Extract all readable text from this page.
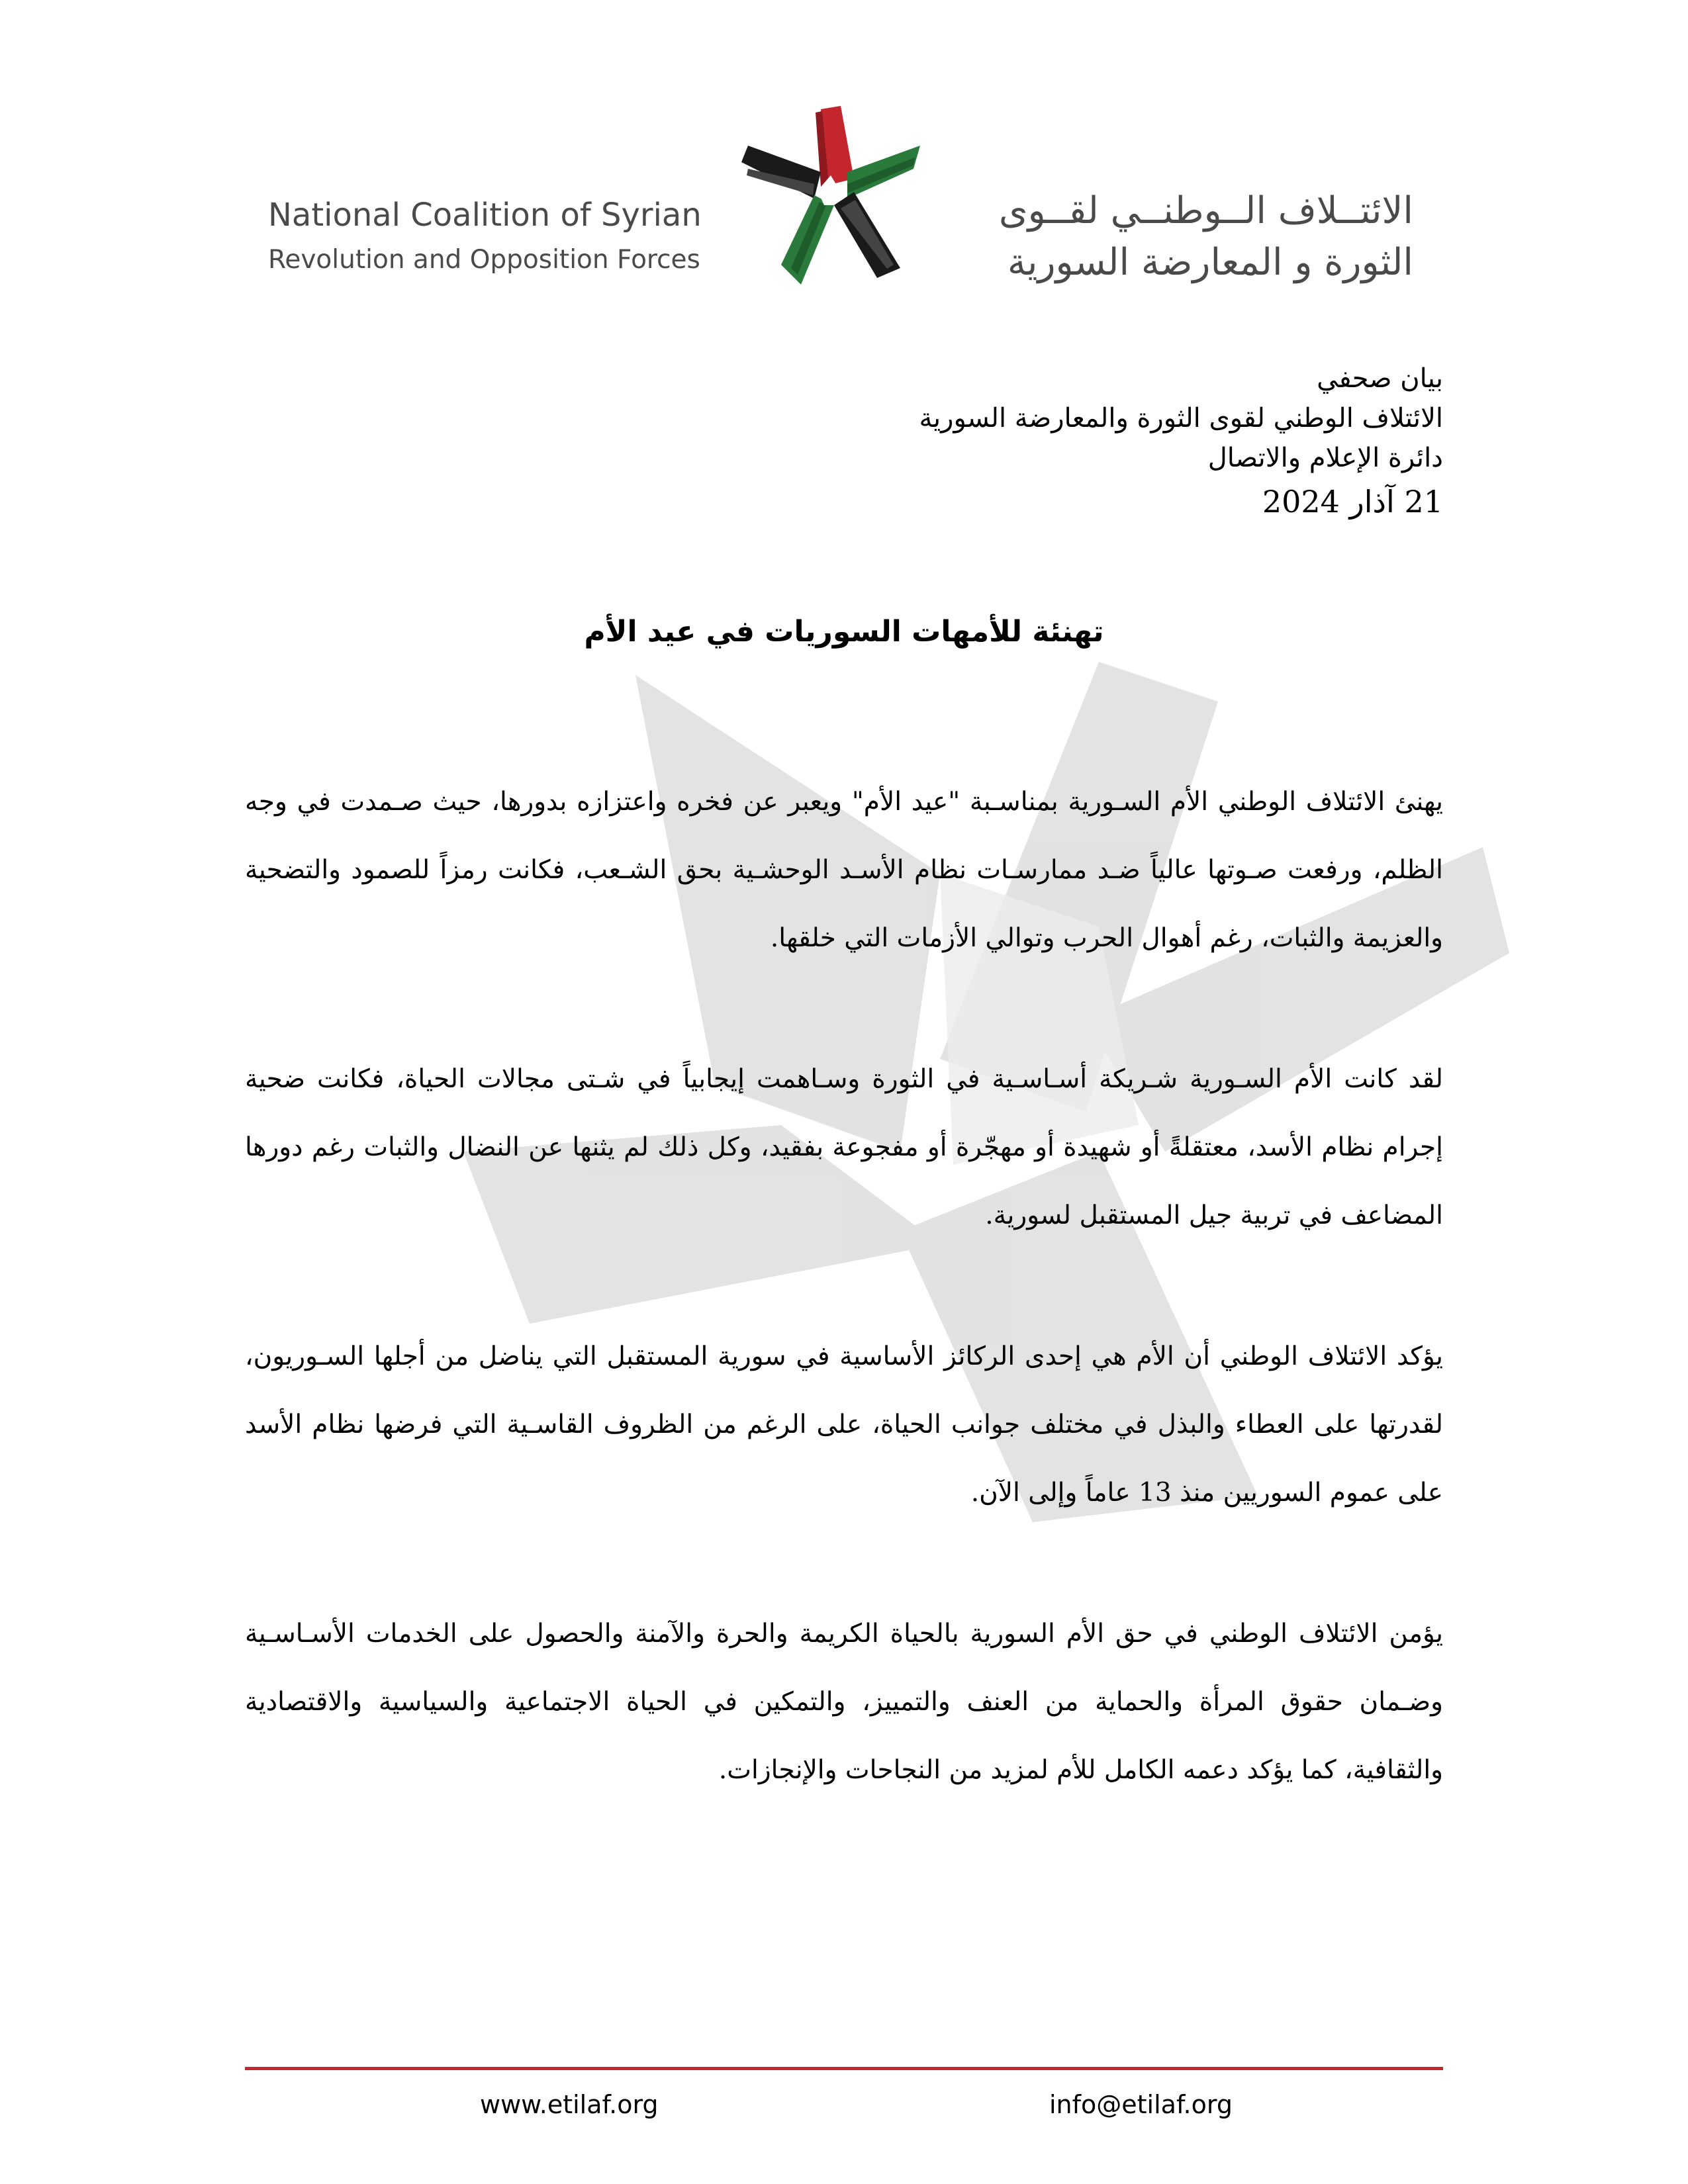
National Coalition of Syrian
Revolution and Opposition Forces
الائتــلاف الــوطنــي لقــوى
الثورة و المعارضة السورية
بيان صحفي
الائتلاف الوطني لقوى الثورة والمعارضة السورية
دائرة الإعلام والاتصال
21 آذار 2024
تهنئة للأمهات السوريات في عيد الأم

يهنئ الائتلاف الوطني الأم السـورية بمناسـبة "عيد الأم" ويعبر عن فخره واعتزازه بدورها، حيث صـمدت في وجه الظلم، ورفعت صـوتها عالياً ضـد ممارسـات نظام الأسـد الوحشـية بحق الشـعب، فكانت رمزاً للصمود والتضحية والعزيمة والثبات، رغم أهوال الحرب وتوالي الأزمات التي خلقها.

لقد كانت الأم السـورية شـريكة أسـاسـية في الثورة وسـاهمت إيجابياً في شـتى مجالات الحياة، فكانت ضحية إجرام نظام الأسد، معتقلةً أو شهيدة أو مهجّرة أو مفجوعة بفقيد، وكل ذلك لم يثنها عن النضال والثبات رغم دورها المضاعف في تربية جيل المستقبل لسورية.

يؤكد الائتلاف الوطني أن الأم هي إحدى الركائز الأساسية في سورية المستقبل التي يناضل من أجلها السـوريون، لقدرتها على العطاء والبذل في مختلف جوانب الحياة، على الرغم من الظروف القاسـية التي فرضها نظام الأسد على عموم السوريين منذ 13 عاماً وإلى الآن.

يؤمن الائتلاف الوطني في حق الأم السورية بالحياة الكريمة والحرة والآمنة والحصول على الخدمات الأسـاسـية وضـمان حقوق المرأة والحماية من العنف والتمييز، والتمكين في الحياة الاجتماعية والسياسية والاقتصادية والثقافية، كما يؤكد دعمه الكامل للأم لمزيد من النجاحات والإنجازات.

www.etilaf.org	info@etilaf.org
